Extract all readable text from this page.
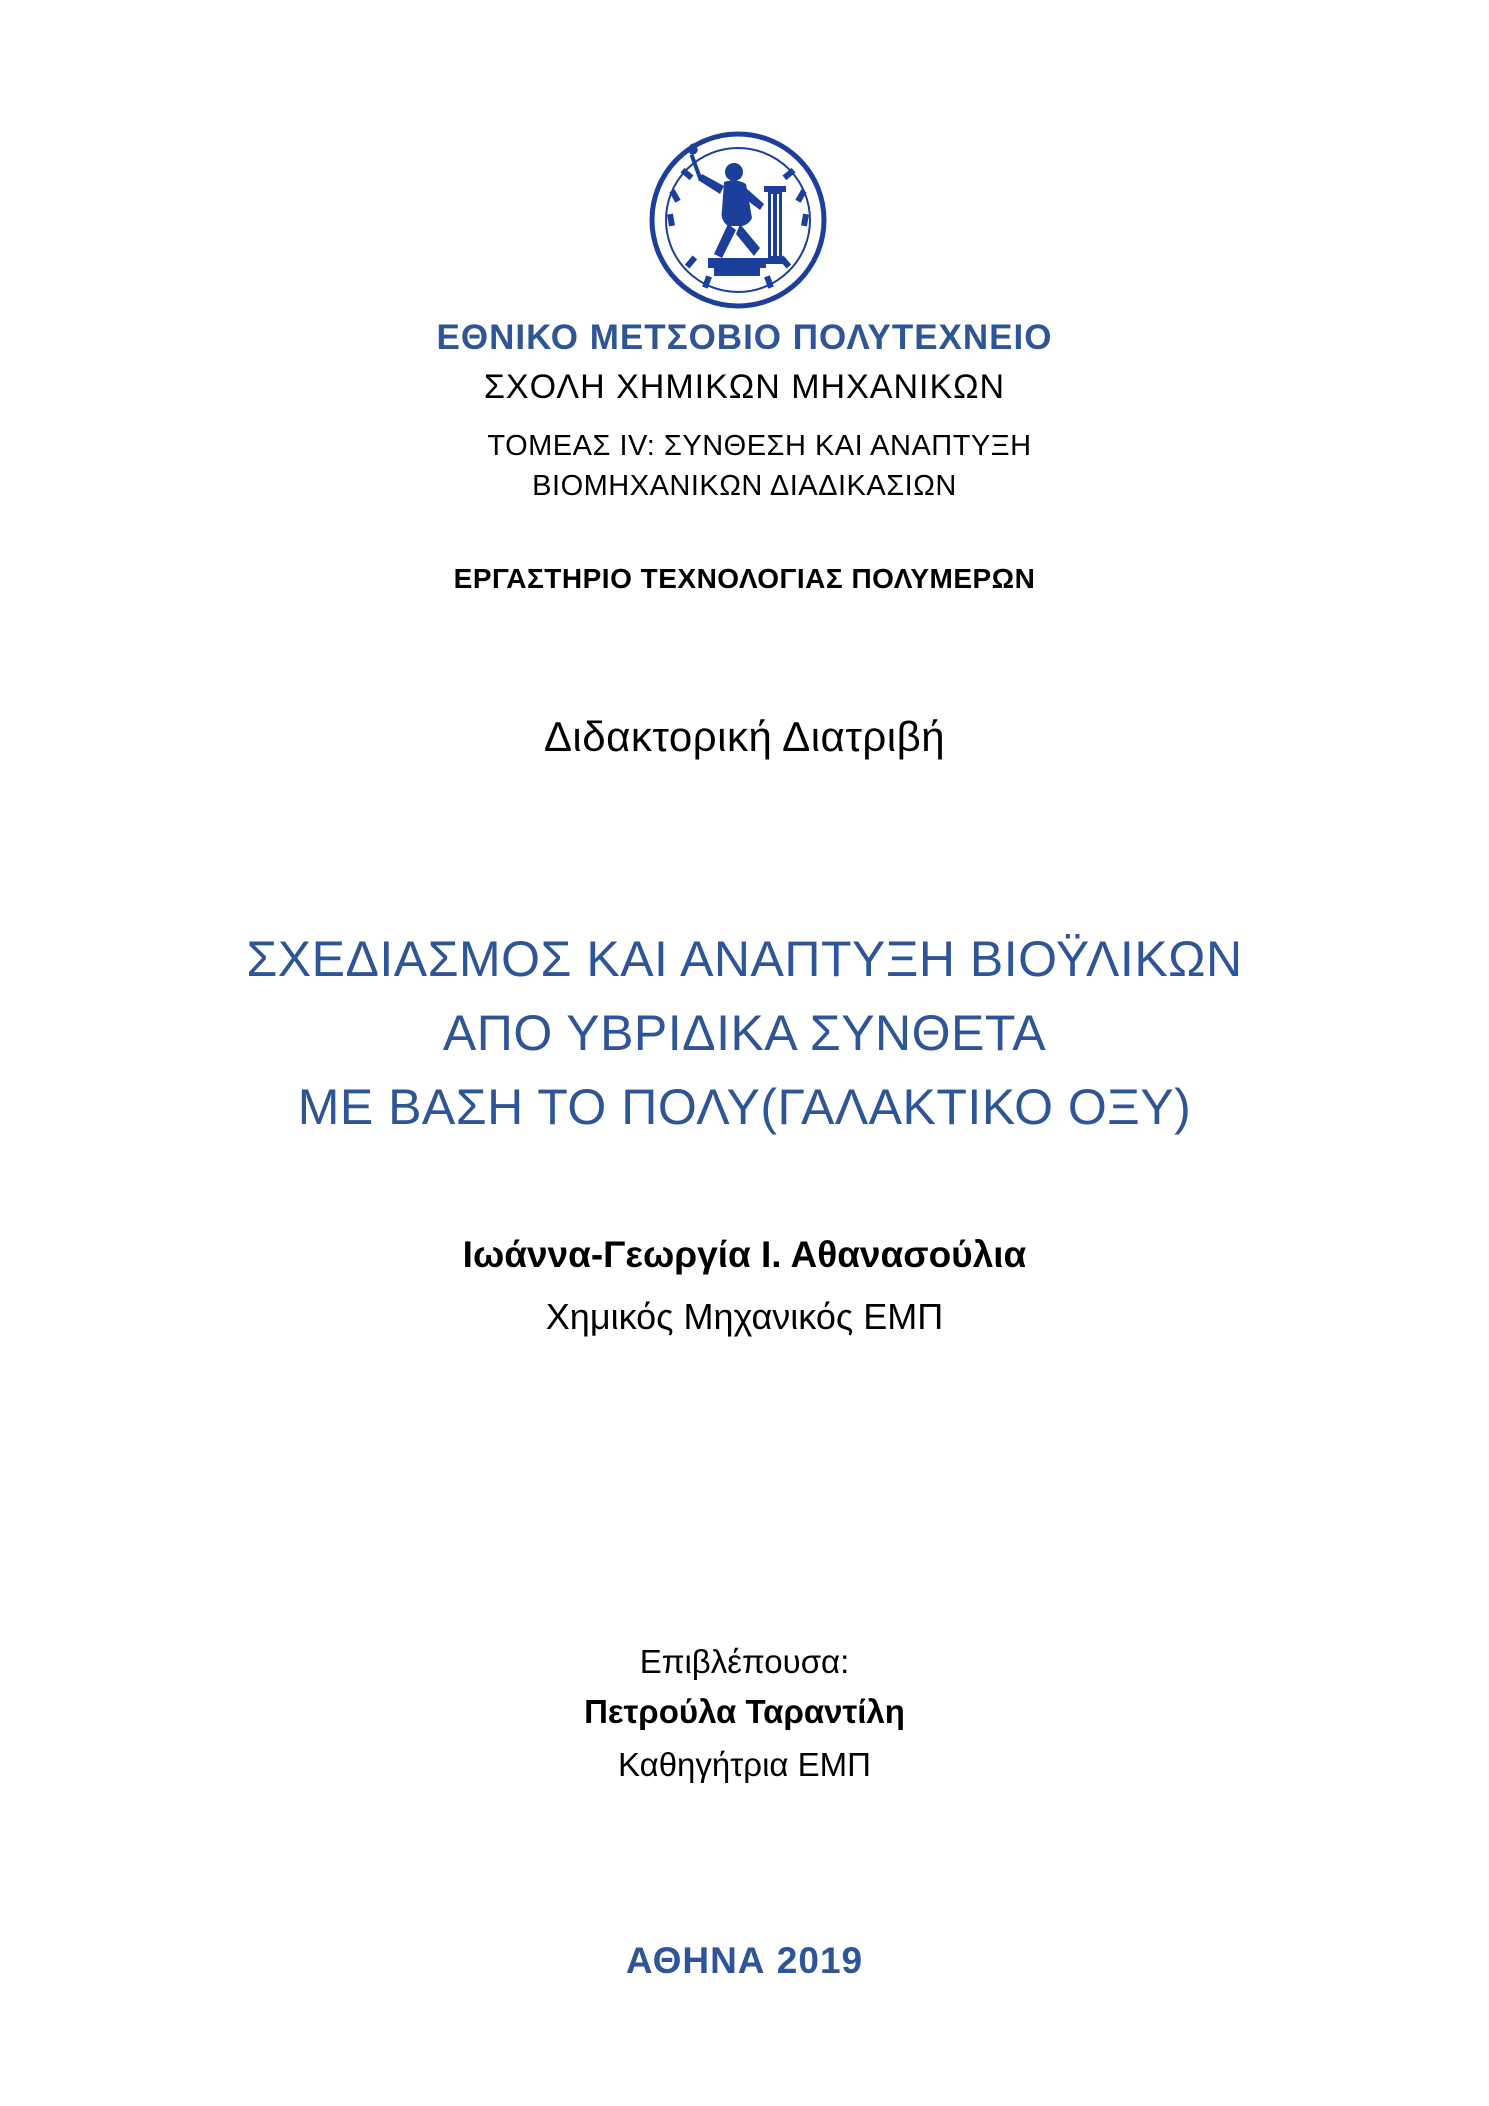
ΕΘΝΙΚΟ ΜΕΤΣΟΒΙΟ ΠΟΛΥΤΕΧΝΕΙΟ
ΣΧΟΛΗ ΧΗΜΙΚΩΝ ΜΗΧΑΝΙΚΩΝ
ΤΟΜΕΑΣ IV: ΣΥΝΘΕΣΗ ΚΑΙ ΑΝΑΠΤΥΞΗ
ΒΙΟΜΗΧΑΝΙΚΩΝ ΔΙΑΔΙΚΑΣΙΩΝ
ΕΡΓΑΣΤΗΡΙΟ ΤΕΧΝΟΛΟΓΙΑΣ ΠΟΛΥΜΕΡΩΝ
Διδακτορική Διατριβή
ΣΧΕΔΙΑΣΜΟΣ ΚΑΙ ΑΝΑΠΤΥΞΗ ΒΙΟΫΛΙΚΩΝ
ΑΠΟ ΥΒΡΙΔΙΚΑ ΣΥΝΘΕΤΑ
ΜΕ ΒΑΣΗ ΤΟ ΠΟΛΥ(ΓΑΛΑΚΤΙΚΟ ΟΞΥ)
Ιωάννα-Γεωργία Ι. Αθανασούλια
Χημικός Μηχανικός ΕΜΠ
Επιβλέπουσα:
Πετρούλα Ταραντίλη
Καθηγήτρια ΕΜΠ
ΑΘΗΝΑ 2019
